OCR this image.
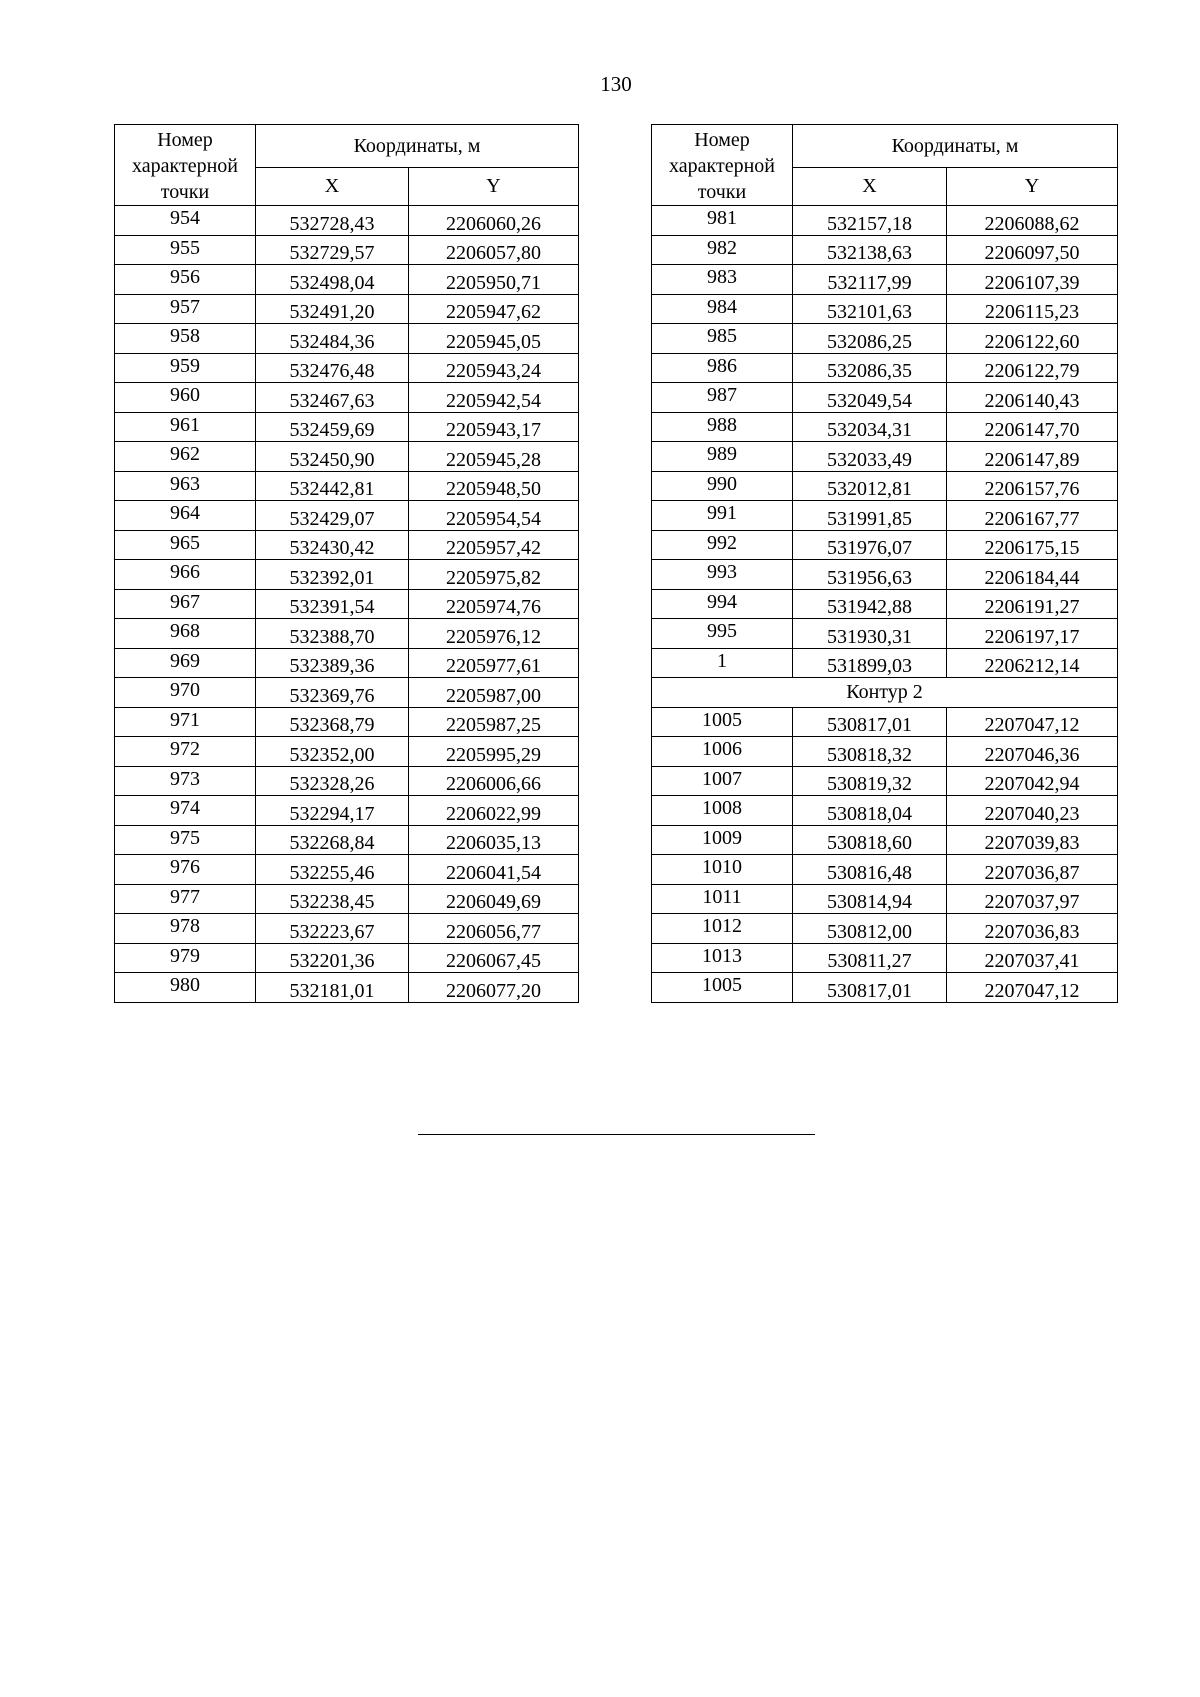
130
Номер
характерной
точки	Координаты, м	
	X	Y
954	532728,43	2206060,26
955	532729,57	2206057,80
956	532498,04	2205950,71
957	532491,20	2205947,62
958	532484,36	2205945,05
959	532476,48	2205943,24
960	532467,63	2205942,54
961	532459,69	2205943,17
962	532450,90	2205945,28
963	532442,81	2205948,50
964	532429,07	2205954,54
965	532430,42	2205957,42
966	532392,01	2205975,82
967	532391,54	2205974,76
968	532388,70	2205976,12
969	532389,36	2205977,61
970	532369,76	2205987,00
971	532368,79	2205987,25
972	532352,00	2205995,29
973	532328,26	2206006,66
974	532294,17	2206022,99
975	532268,84	2206035,13
976	532255,46	2206041,54
977	532238,45	2206049,69
978	532223,67	2206056,77
979	532201,36	2206067,45
980	532181,01	2206077,20
Номер
характерной
точки	Координаты, м	
	X	Y
981	532157,18	2206088,62
982	532138,63	2206097,50
983	532117,99	2206107,39
984	532101,63	2206115,23
985	532086,25	2206122,60
986	532086,35	2206122,79
987	532049,54	2206140,43
988	532034,31	2206147,70
989	532033,49	2206147,89
990	532012,81	2206157,76
991	531991,85	2206167,77
992	531976,07	2206175,15
993	531956,63	2206184,44
994	531942,88	2206191,27
995	531930,31	2206197,17
1	531899,03	2206212,14
Контур 2		
1005	530817,01	2207047,12
1006	530818,32	2207046,36
1007	530819,32	2207042,94
1008	530818,04	2207040,23
1009	530818,60	2207039,83
1010	530816,48	2207036,87
1011	530814,94	2207037,97
1012	530812,00	2207036,83
1013	530811,27	2207037,41
1005	530817,01	2207047,12
